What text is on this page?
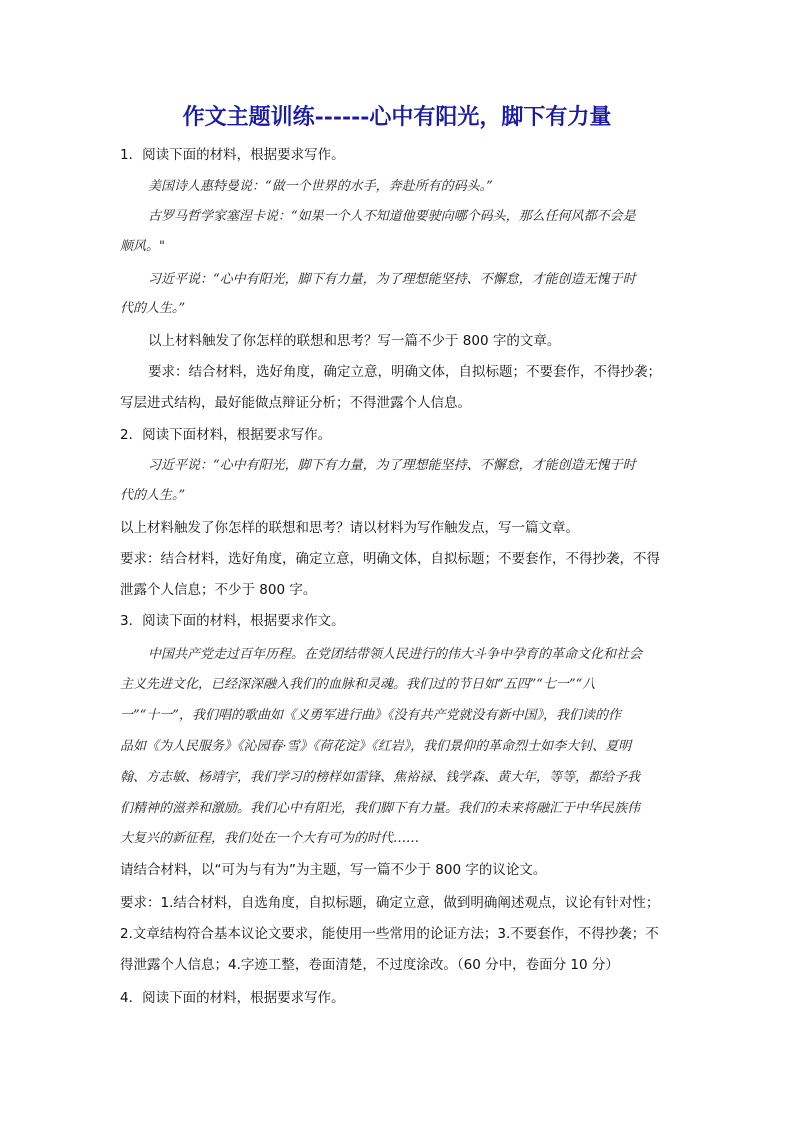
作文主题训练------心中有阳光，脚下有力量
1．阅读下面的材料，根据要求写作。
美国诗人惠特曼说：“做一个世界的水手，奔赴所有的码头。”
古罗马哲学家塞涅卡说：“如果一个人不知道他要驶向哪个码头，那么任何风都不会是
顺风。"
习近平说：“心中有阳光，脚下有力量，为了理想能坚持、不懈怠，才能创造无愧于时
代的人生。”
以上材料触发了你怎样的联想和思考？写一篇不少于 800 字的文章。
要求：结合材料，选好角度，确定立意，明确文体，自拟标题；不要套作，不得抄袭；
写层进式结构，最好能做点辩证分析；不得泄露个人信息。
2．阅读下面材料，根据要求写作。
习近平说：“心中有阳光，脚下有力量，为了理想能坚持、不懈怠，才能创造无愧于时
代的人生。”
以上材料触发了你怎样的联想和思考？请以材料为写作触发点，写一篇文章。
要求：结合材料，选好角度，确定立意，明确文体，自拟标题；不要套作，不得抄袭，不得
泄露个人信息；不少于 800 字。
3．阅读下面的材料，根据要求作文。
中国共产党走过百年历程。在党团结带领人民进行的伟大斗争中孕育的革命文化和社会
主义先进文化，已经深深融入我们的血脉和灵魂。我们过的节日如“五四”“七一”“八
一”“十一”，我们唱的歌曲如《义勇军进行曲》《没有共产党就没有新中国》，我们读的作
品如《为人民服务》《沁园春·雪》《荷花淀》《红岩》，我们景仰的革命烈士如李大钊、夏明
翰、方志敏、杨靖宇，我们学习的榜样如雷锋、焦裕禄、钱学森、黄大年，等等，都给予我
们精神的滋养和激励。我们心中有阳光，我们脚下有力量。我们的未来将融汇于中华民族伟
大复兴的新征程，我们处在一个大有可为的时代……
请结合材料，以“可为与有为”为主题，写一篇不少于 800 字的议论文。
要求：1.结合材料，自选角度，自拟标题，确定立意，做到明确阐述观点，议论有针对性；
2.文章结构符合基本议论文要求，能使用一些常用的论证方法；3.不要套作，不得抄袭；不
得泄露个人信息；4.字迹工整，卷面清楚，不过度涂改。（60 分中，卷面分 10 分）
4．阅读下面的材料，根据要求写作。
